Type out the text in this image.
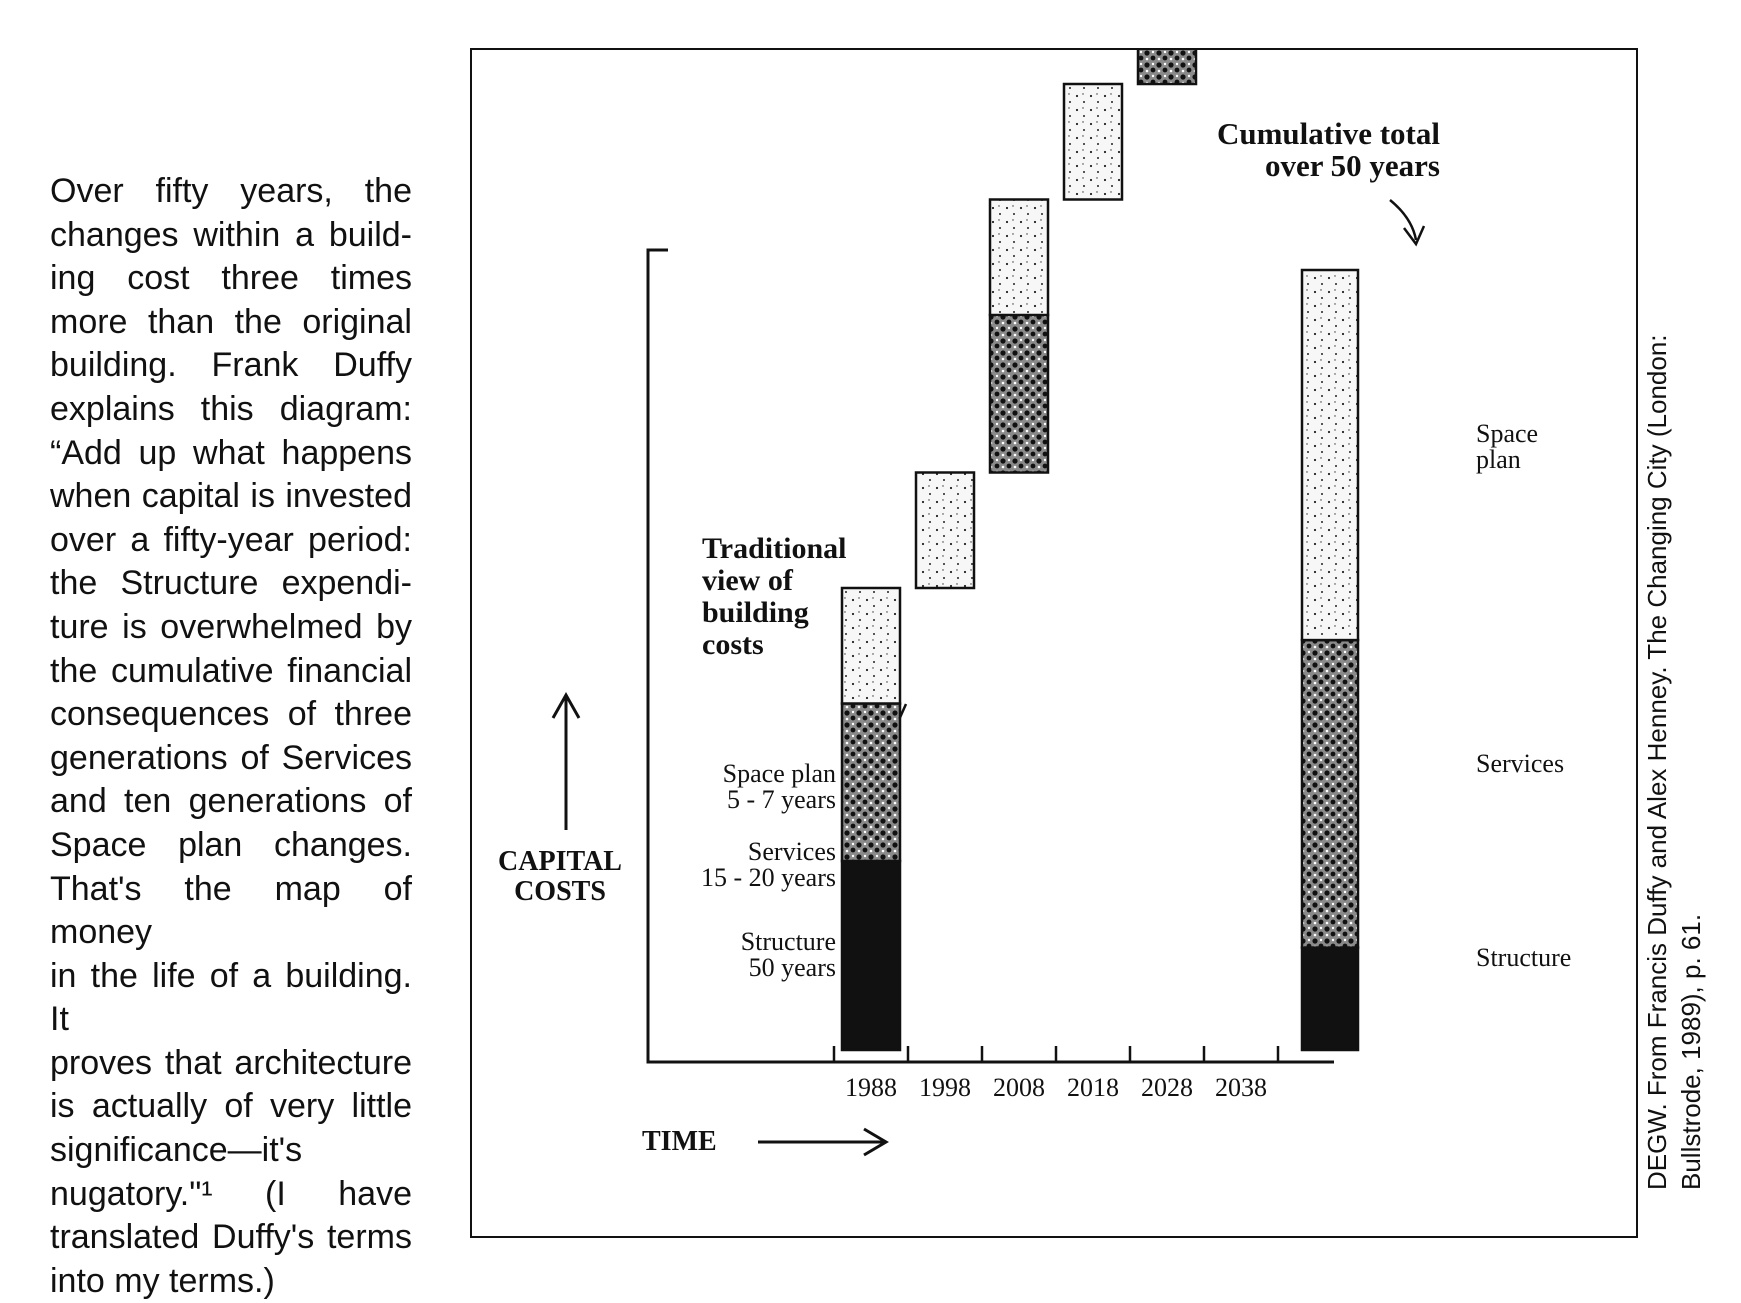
Over fifty years, the
changes within a build-
ing cost three times
more than the original
building. Frank Duffy
explains this diagram:
“Add up what happens
when capital is invested
over a fifty-year period:
the Structure expendi-
ture is overwhelmed by
the cumulative financial
consequences of three
generations of Services
and ten generations of
Space plan changes.
That's the map of money
in the life of a building. It
proves that architecture
is actually of very little
significance—it's
nugatory."¹ (I have
translated Duffy's terms
into my terms.)
CAPITAL
COSTS
1988 1998 2008 2018 2028 2038
TIME
Traditional
view of
building
costs
Cumulative total
over 50 years
Space plan
5 - 7 years
Services
15 - 20 years
Structure
50 years
Space
plan
Services
Structure	DEGW. From Francis Duffy and Alex Henney. The Changing City (London: Bullstrode, 1989), p. 61.
